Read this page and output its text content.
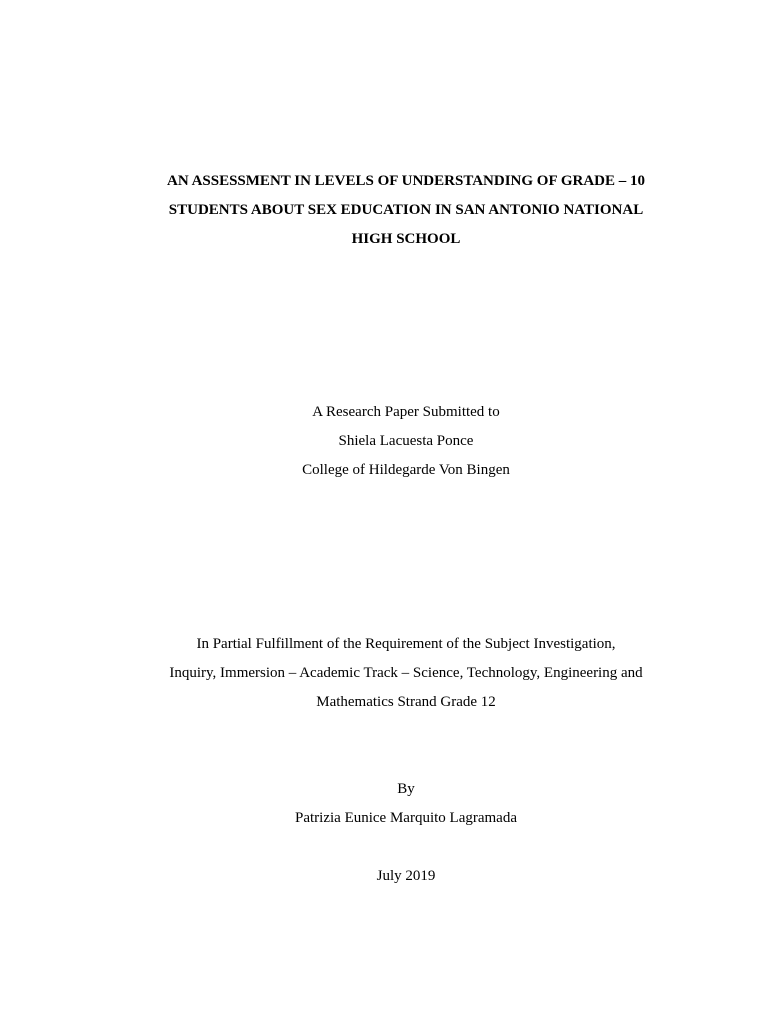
AN ASSESSMENT IN LEVELS OF UNDERSTANDING OF GRADE – 10
STUDENTS ABOUT SEX EDUCATION IN SAN ANTONIO NATIONAL
HIGH SCHOOL
A Research Paper Submitted to
Shiela Lacuesta Ponce
College of Hildegarde Von Bingen
In Partial Fulfillment of the Requirement of the Subject Investigation,
Inquiry, Immersion – Academic Track – Science, Technology, Engineering and
Mathematics Strand Grade 12
By
Patrizia Eunice Marquito Lagramada
July 2019
